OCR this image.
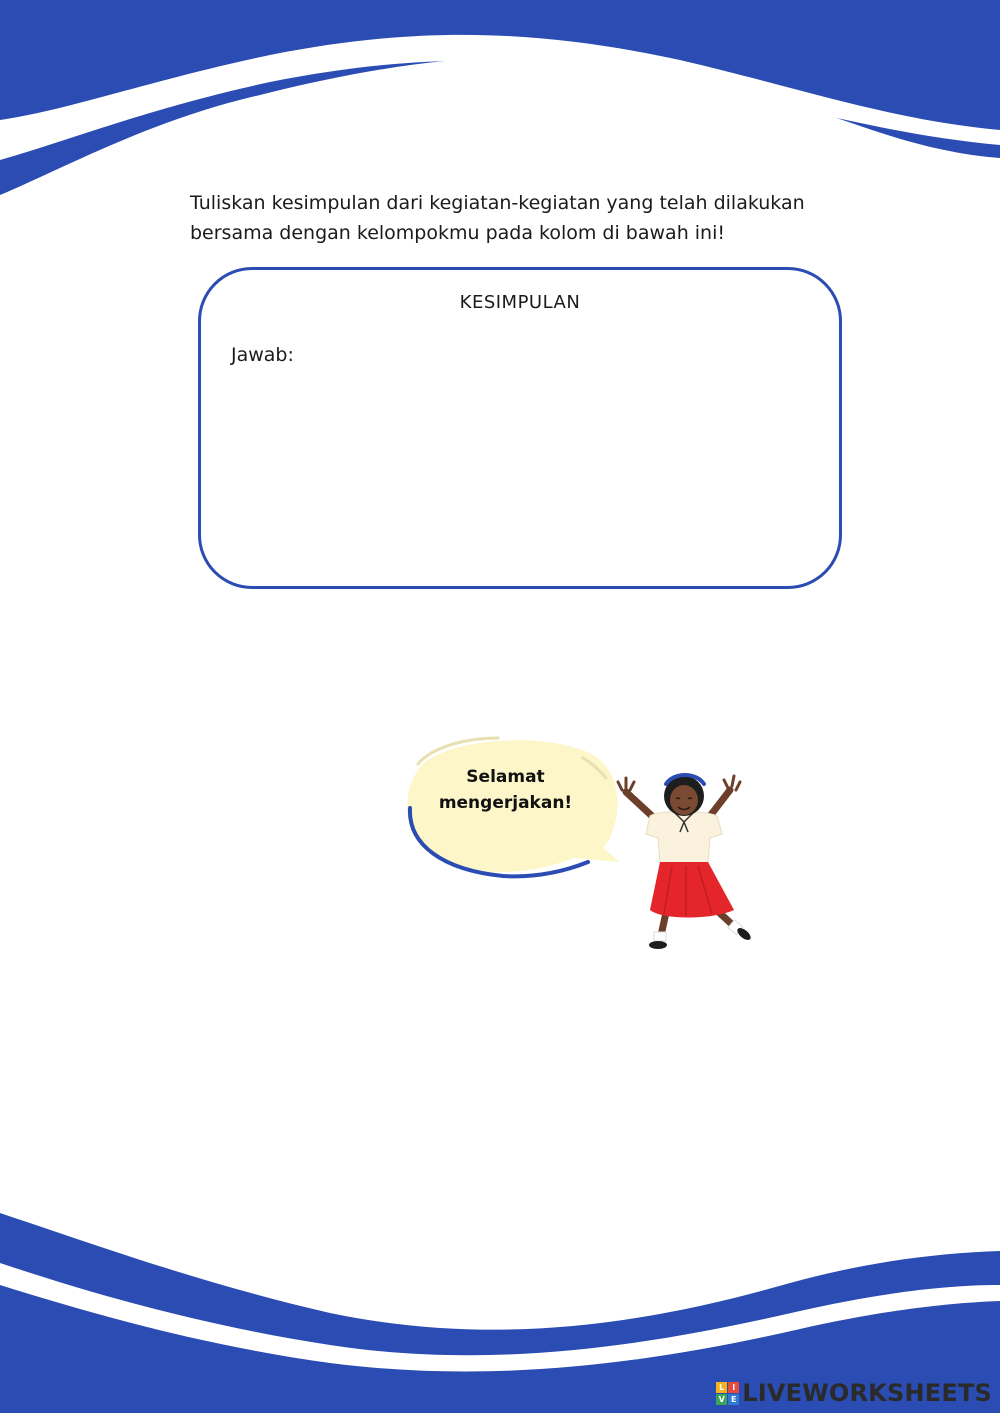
Tuliskan kesimpulan dari kegiatan-kegiatan yang telah dilakukan
bersama dengan kelompokmu pada kolom di bawah ini!

KESIMPULAN
Jawab:
Selamat
mengerjakan!
L I
V E LIVEWORKSHEETS
